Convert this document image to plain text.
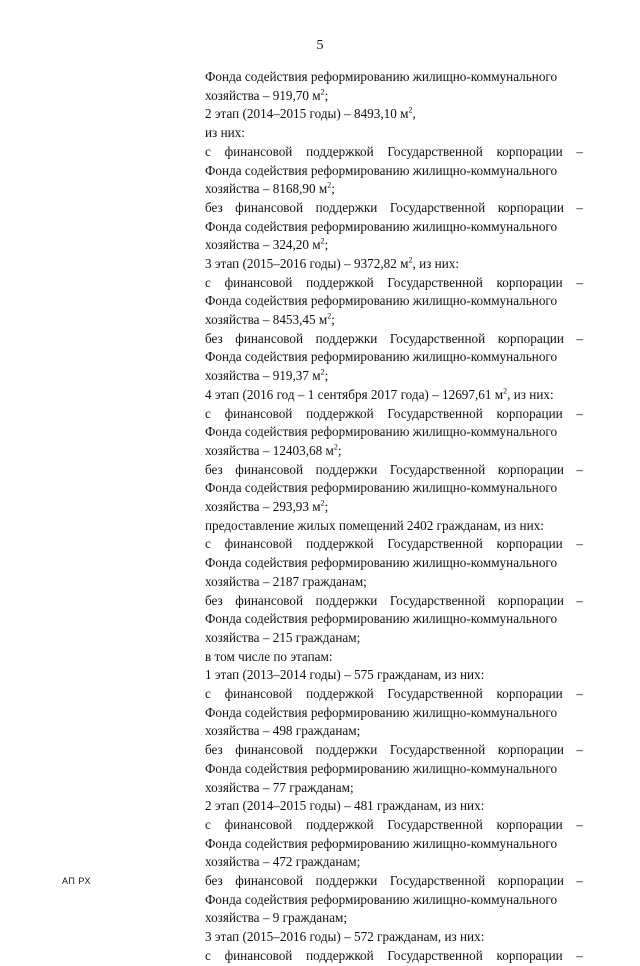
5
Фонда содействия реформированию жилищно-коммунального
хозяйства – 919,70 $м^2$;
2 этап (2014–2015 годы) – 8493,10 $м^2$,
из них:
с финансовой поддержкой Государственной корпорации –
Фонда содействия реформированию жилищно-коммунального
хозяйства – 8168,90 $м^2$;
без финансовой поддержки Государственной корпорации –
Фонда содействия реформированию жилищно-коммунального
хозяйства – 324,20 $м^2$;
3 этап (2015–2016 годы) – 9372,82 $м^2$, из них:
с финансовой поддержкой Государственной корпорации –
Фонда содействия реформированию жилищно-коммунального
хозяйства – 8453,45 $м^2$;
без финансовой поддержки Государственной корпорации –
Фонда содействия реформированию жилищно-коммунального
хозяйства – 919,37 $м^2$;
4 этап (2016 год – 1 сентября 2017 года) – 12697,61 $м^2$, из них:
с финансовой поддержкой Государственной корпорации –
Фонда содействия реформированию жилищно-коммунального
хозяйства – 12403,68 $м^2$;
без финансовой поддержки Государственной корпорации –
Фонда содействия реформированию жилищно-коммунального
хозяйства – 293,93 $м^2$;
предоставление жилых помещений 2402 гражданам, из них:
с финансовой поддержкой Государственной корпорации –
Фонда содействия реформированию жилищно-коммунального
хозяйства – 2187 гражданам;
без финансовой поддержки Государственной корпорации –
Фонда содействия реформированию жилищно-коммунального
хозяйства – 215 гражданам;
в том числе по этапам:
1 этап (2013–2014 годы) – 575 гражданам, из них:
с финансовой поддержкой Государственной корпорации –
Фонда содействия реформированию жилищно-коммунального
хозяйства – 498 гражданам;
без финансовой поддержки Государственной корпорации –
Фонда содействия реформированию жилищно-коммунального
хозяйства – 77 гражданам;
2 этап (2014–2015 годы) – 481 гражданам, из них:
с финансовой поддержкой Государственной корпорации –
Фонда содействия реформированию жилищно-коммунального
хозяйства – 472 гражданам;
без финансовой поддержки Государственной корпорации –
Фонда содействия реформированию жилищно-коммунального
хозяйства – 9 гражданам;
3 этап (2015–2016 годы) – 572 гражданам, из них:
с финансовой поддержкой Государственной корпорации –
АП РХ
